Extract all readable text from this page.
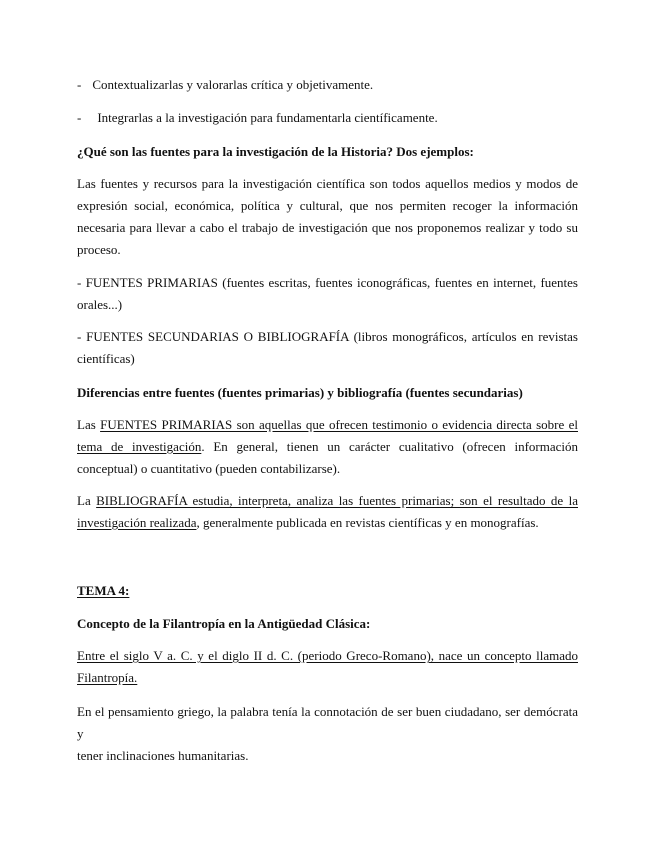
- Contextualizarlas y valorarlas crítica y objetivamente.

- Integrarlas a la investigación para fundamentarla científicamente.

¿Qué son las fuentes para la investigación de la Historia? Dos ejemplos:

Las fuentes y recursos para la investigación científica son todos aquellos medios y modos de
expresión social, económica, política y cultural, que nos permiten recoger la información
necesaria para llevar a cabo el trabajo de investigación que nos proponemos realizar y todo su
proceso.
- FUENTES PRIMARIAS (fuentes escritas, fuentes iconográficas, fuentes en internet, fuentes
orales...)
- FUENTES SECUNDARIAS O BIBLIOGRAFÍA (libros monográficos, artículos en revistas
científicas)

Diferencias entre fuentes (fuentes primarias) y bibliografía (fuentes secundarias)

Las FUENTES PRIMARIAS son aquellas que ofrecen testimonio o evidencia directa sobre el
tema de investigación. En general, tienen un carácter cualitativo (ofrecen información
conceptual) o cuantitativo (pueden contabilizarse).
La BIBLIOGRAFÍA estudia, interpreta, analiza las fuentes primarias; son el resultado de la
investigación realizada, generalmente publicada en revistas científicas y en monografías.

TEMA 4:

Concepto de la Filantropía en la Antigüedad Clásica:

Entre el siglo V a. C. y el diglo II d. C. (periodo Greco-Romano), nace un concepto llamado
Filantropía.
En el pensamiento griego, la palabra tenía la connotación de ser buen ciudadano, ser demócrata y
tener inclinaciones humanitarias.
